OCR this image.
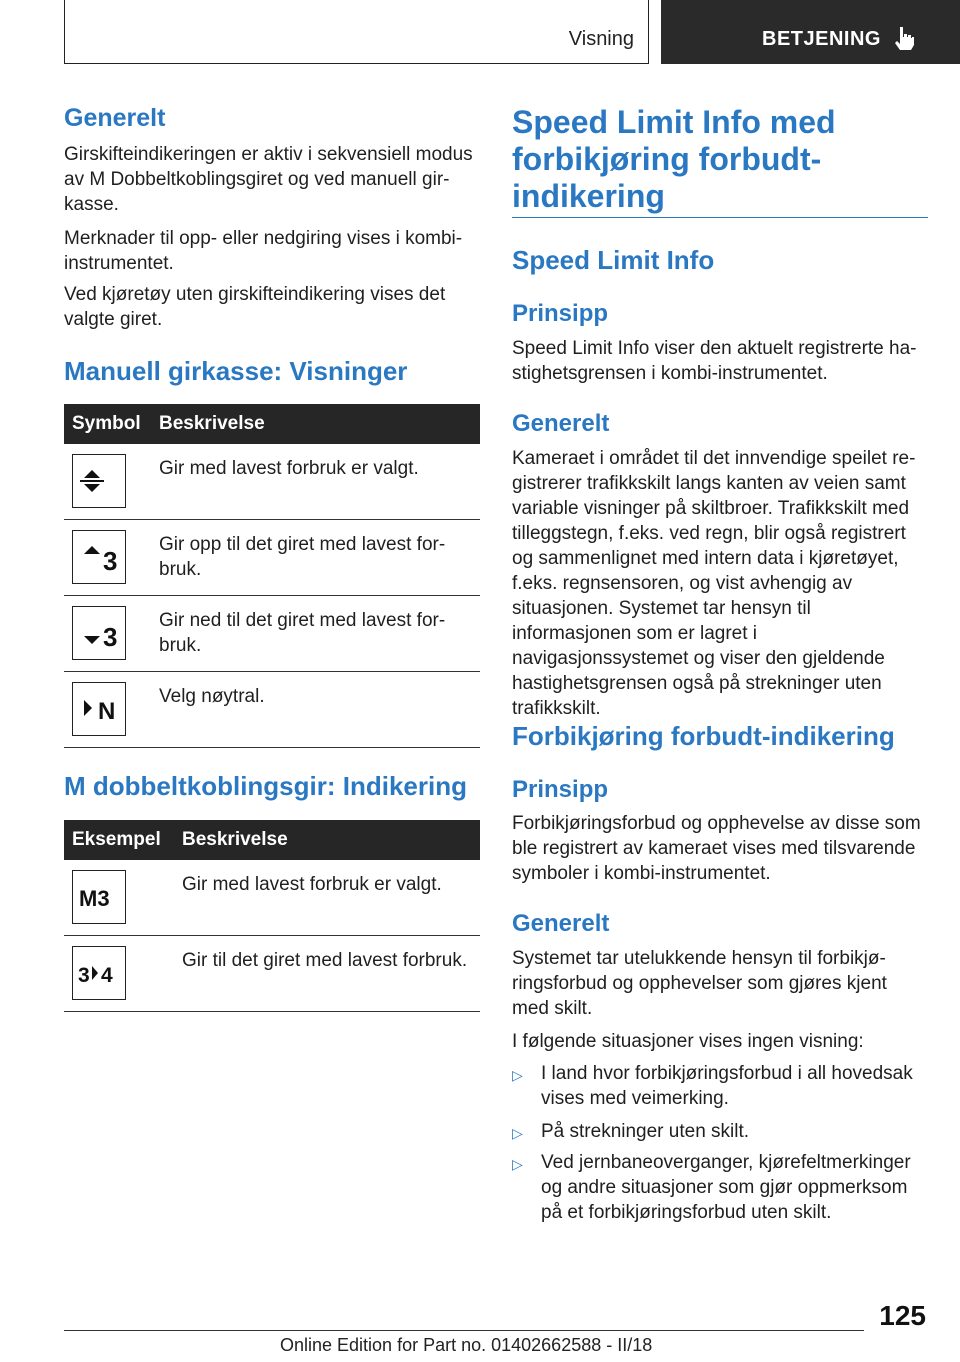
Visning	BETJENING
Generelt

Girskifteindikeringen er aktiv i sekvensiell modus av M Dobbeltkoblingsgiret og ved manuell girkasse.

Merknader til opp- eller nedgiring vises i kombiinstrumentet.

Ved kjøretøy uten girskifteindikering vises det valgte giret.

Manuell girkasse: Visninger
Symbol Beskrivelse
Gir med lavest forbruk er valgt.
3
Gir opp til det giret med lavest forbruk.
3
Gir ned til det giret med lavest forbruk.
N
Velg nøytral.
M dobbeltkoblingsgir: Indikering
Eksempel Beskrivelse
M3
Gir med lavest forbruk er valgt.
3 4
Gir til det giret med lavest forbruk.
Speed Limit Info med
forbikjøring forbudt-
indikering
Speed Limit Info
Prinsipp

Speed Limit Info viser den aktuelt registrerte hastighetsgrensen i kombi-instrumentet.

Generelt

Kameraet i området til det innvendige speilet registrerer trafikkskilt langs kanten av veien samt variable visninger på skiltbroer. Trafikkskilt med tilleggstegn, f.eks. ved regn, blir også registrert og sammenlignet med intern data i kjøretøyet, f.eks. regnsensoren, og vist avhengig av situasjonen. Systemet tar hensyn til informasjonen som er lagret i navigasjonssystemet og viser den gjeldende hastighetsgrensen også på strekninger uten trafikkskilt.

Forbikjøring forbudt-indikering
Prinsipp

Forbikjøringsforbud og opphevelse av disse som ble registrert av kameraet vises med tilsvarende symboler i kombi-instrumentet.

Generelt

Systemet tar utelukkende hensyn til forbikjøringsforbud og opphevelser som gjøres kjent med skilt.

I følgende situasjoner vises ingen visning:

▷ I land hvor forbikjøringsforbud i all hovedsak vises med veimerking.
▷ På strekninger uten skilt.
▷ Ved jernbaneoverganger, kjørefeltmerkinger og andre situasjoner som gjør oppmerksom på et forbikjøringsforbud uten skilt.
125
Online Edition for Part no. 01402662588 - II/18
